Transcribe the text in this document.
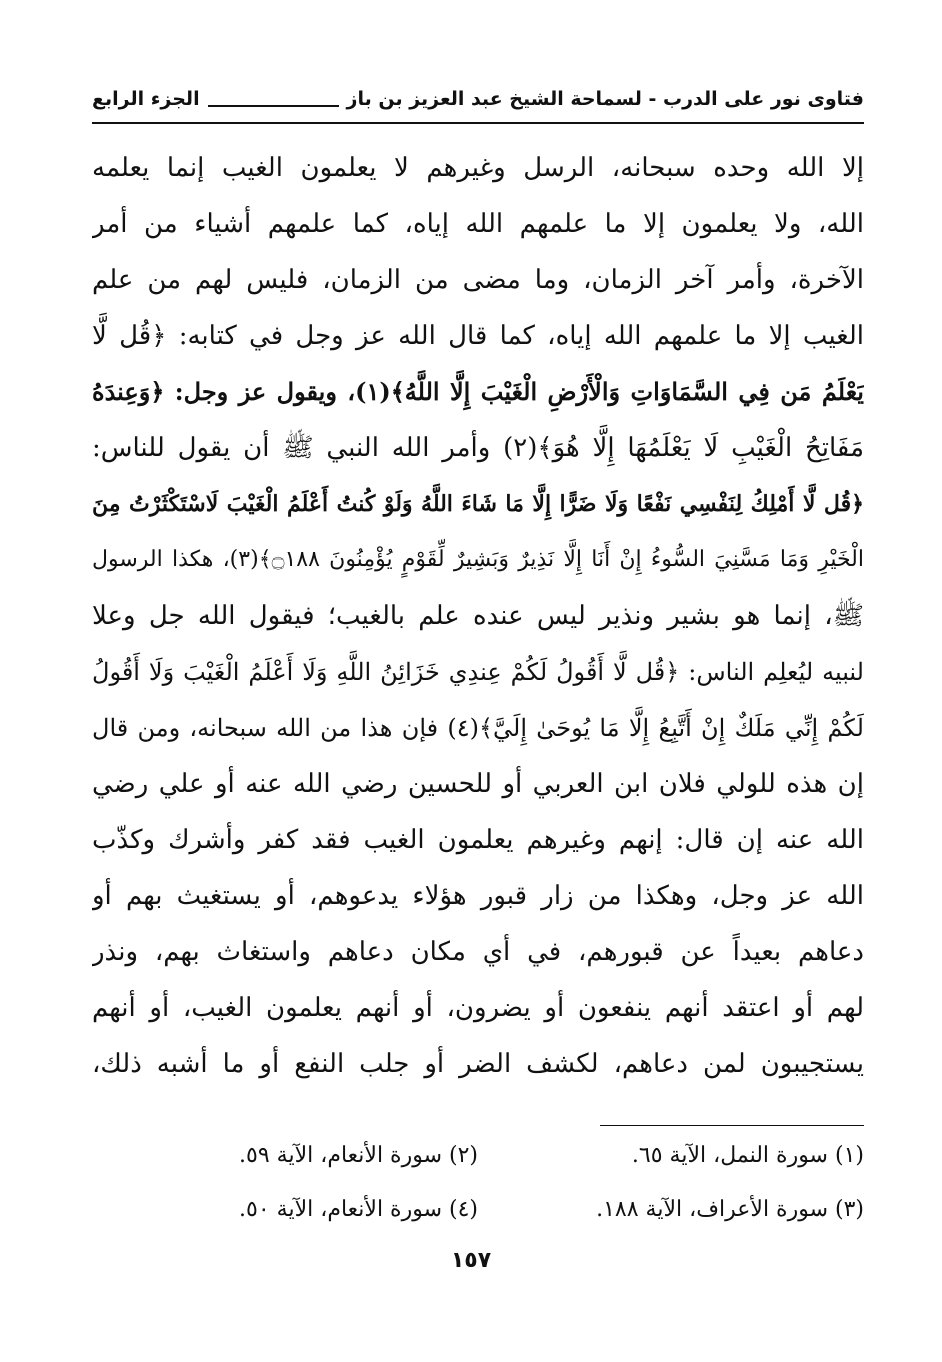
فتاوى نور على الدرب - لسماحة الشيخ عبد العزيز بن باز
الجزء الرابع
إلا الله وحده سبحانه، الرسل وغيرهم لا يعلمون الغيب إنما يعلمه
الله، ولا يعلمون إلا ما علمهم الله إياه، كما علمهم أشياء من أمر
الآخرة، وأمر آخر الزمان، وما مضى من الزمان، فليس لهم من علم
الغيب إلا ما علمهم الله إياه، كما قال الله عز وجل في كتابه: ﴿قُل لَّا
يَعْلَمُ مَن فِي السَّمَاوَاتِ وَالْأَرْضِ الْغَيْبَ إِلَّا اللَّهُ﴾(١)، ويقول عز وجل: ﴿وَعِندَهُ
مَفَاتِحُ الْغَيْبِ لَا يَعْلَمُهَا إِلَّا هُوَ﴾(٢) وأمر الله النبي ﷺ أن يقول للناس:
﴿قُل لَّا أَمْلِكُ لِنَفْسِي نَفْعًا وَلَا ضَرًّا إِلَّا مَا شَاءَ اللَّهُ وَلَوْ كُنتُ أَعْلَمُ الْغَيْبَ لَاسْتَكْثَرْتُ مِنَ
الْخَيْرِ وَمَا مَسَّنِيَ السُّوءُ إِنْ أَنَا إِلَّا نَذِيرٌ وَبَشِيرٌ لِّقَوْمٍ يُؤْمِنُونَ ۝١٨٨﴾(٣)، هكذا الرسول
ﷺ، إنما هو بشير ونذير ليس عنده علم بالغيب؛ فيقول الله جل وعلا
لنبيه ليُعلِم الناس: ﴿قُل لَّا أَقُولُ لَكُمْ عِندِي خَزَائِنُ اللَّهِ وَلَا أَعْلَمُ الْغَيْبَ وَلَا أَقُولُ
لَكُمْ إِنِّي مَلَكٌ إِنْ أَتَّبِعُ إِلَّا مَا يُوحَىٰ إِلَيَّ﴾(٤) فإن هذا من الله سبحانه، ومن قال
إن هذه للولي فلان ابن العربي أو للحسين رضي الله عنه أو علي رضي
الله عنه إن قال: إنهم وغيرهم يعلمون الغيب فقد كفر وأشرك وكذّب
الله عز وجل، وهكذا من زار قبور هؤلاء يدعوهم، أو يستغيث بهم أو
دعاهم بعيداً عن قبورهم، في أي مكان دعاهم واستغاث بهم، ونذر
لهم أو اعتقد أنهم ينفعون أو يضرون، أو أنهم يعلمون الغيب، أو أنهم
يستجيبون لمن دعاهم، لكشف الضر أو جلب النفع أو ما أشبه ذلك،
(١) سورة النمل، الآية ٦٥.
(٢) سورة الأنعام، الآية ٥٩.
(٣) سورة الأعراف، الآية ١٨٨.
(٤) سورة الأنعام، الآية ٥٠.
١٥٧
